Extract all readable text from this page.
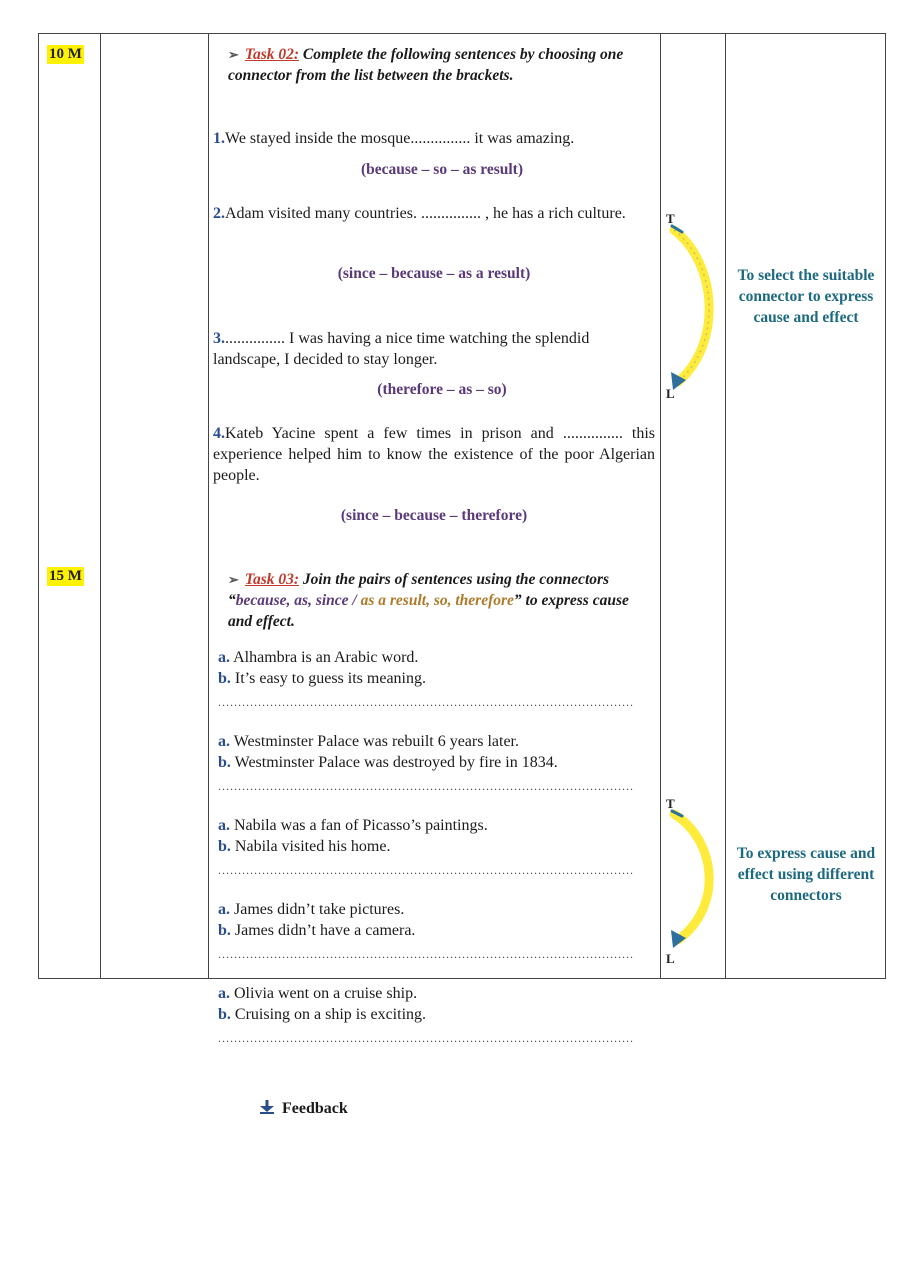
10 M
15 M
➢ Task 02: Complete the following sentences by choosing one connector from the list between the brackets.
1.We stayed inside the mosque............... it was amazing.
(because – so – as result)
2.Adam visited many countries. ............... , he has a rich culture.
(since – because – as a result)
3................ I was having a nice time watching the splendid landscape, I decided to stay longer.
(therefore – as – so)
4.Kateb Yacine spent a few times in prison and ............... this experience helped him to know the existence of the poor Algerian people.
(since – because – therefore)
➢ Task 03: Join the pairs of sentences using the connectors “because, as, since / as a result, so, therefore” to express cause and effect.
a. Alhambra is an Arabic word.
b. It’s easy to guess its meaning.
........................................................................................................
a. Westminster Palace was rebuilt 6 years later.
b. Westminster Palace was destroyed by fire in 1834.
........................................................................................................
a. Nabila was a fan of Picasso’s paintings.
b. Nabila visited his home.
........................................................................................................
a. James didn’t take pictures.
b. James didn’t have a camera.
........................................................................................................
a. Olivia went on a cruise ship.
b. Cruising on a ship is exciting.
........................................................................................................
Feedback
T
L
T
L
To select the suitable connector to express cause and effect
To express cause and effect using different connectors
